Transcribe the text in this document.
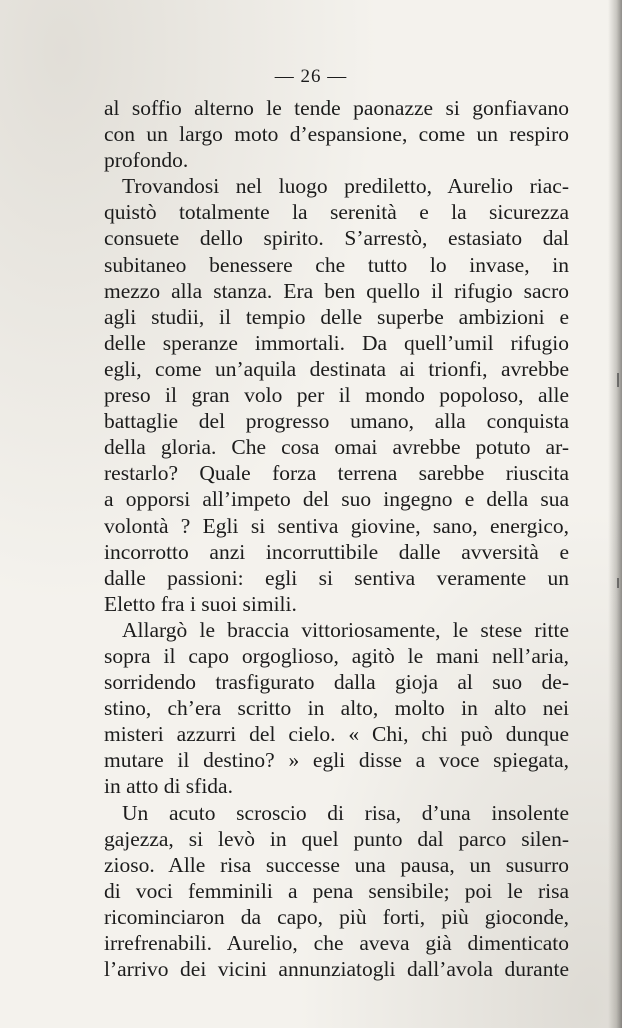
— 26 —
al soffio alterno le tende paonazze si gonfiavano
con un largo moto d’espansione, come un respiro
profondo.
Trovandosi nel luogo prediletto, Aurelio riac-
quistò totalmente la serenità e la sicurezza
consuete dello spirito. S’arrestò, estasiato dal
subitaneo benessere che tutto lo invase, in
mezzo alla stanza. Era ben quello il rifugio sacro
agli studii, il tempio delle superbe ambizioni e
delle speranze immortali. Da quell’umil rifugio
egli, come un’aquila destinata ai trionfi, avrebbe
preso il gran volo per il mondo popoloso, alle
battaglie del progresso umano, alla conquista
della gloria. Che cosa omai avrebbe potuto ar-
restarlo? Quale forza terrena sarebbe riuscita
a opporsi all’impeto del suo ingegno e della sua
volontà ? Egli si sentiva giovine, sano, energico,
incorrotto anzi incorruttibile dalle avversità e
dalle passioni: egli si sentiva veramente un
Eletto fra i suoi simili.
Allargò le braccia vittoriosamente, le stese ritte
sopra il capo orgoglioso, agitò le mani nell’aria,
sorridendo trasfigurato dalla gioja al suo de-
stino, ch’era scritto in alto, molto in alto nei
misteri azzurri del cielo. « Chi, chi può dunque
mutare il destino? » egli disse a voce spiegata,
in atto di sfida.
Un acuto scroscio di risa, d’una insolente
gajezza, si levò in quel punto dal parco silen-
zioso. Alle risa successe una pausa, un susurro
di voci femminili a pena sensibile; poi le risa
ricominciaron da capo, più forti, più gioconde,
irrefrenabili. Aurelio, che aveva già dimenticato
l’arrivo dei vicini annunziatogli dall’avola durante
